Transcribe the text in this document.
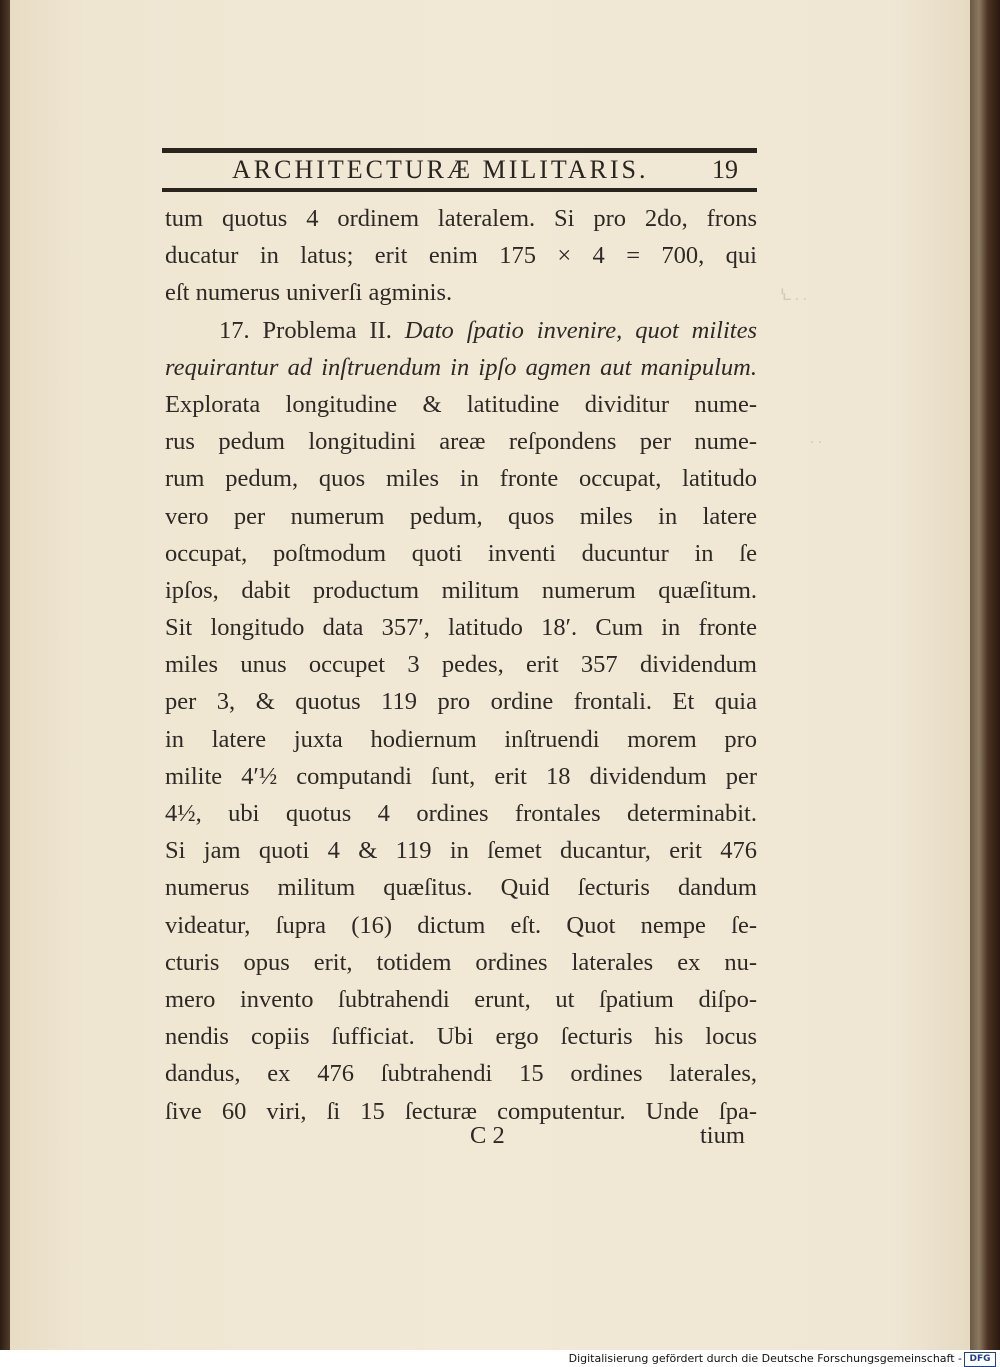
ARCHITECTURÆ MILITARIS.	19
Ꝇ . .
. .
tum quotus 4 ordinem lateralem. Si pro 2do, frons
ducatur in latus; erit enim 175 × 4 = 700, qui
eſt numerus univerſi agminis.
17. Problema II. Dato ſpatio invenire, quot milites
requirantur ad inſtruendum in ipſo agmen aut manipulum.
Explorata longitudine & latitudine dividitur nume-
rus pedum longitudini areæ reſpondens per nume-
rum pedum, quos miles in fronte occupat, latitudo
vero per numerum pedum, quos miles in latere
occupat, poſtmodum quoti inventi ducuntur in ſe
ipſos, dabit productum militum numerum quæſitum.
Sit longitudo data 357′, latitudo 18′. Cum in fronte
miles unus occupet 3 pedes, erit 357 dividendum
per 3, & quotus 119 pro ordine frontali. Et quia
in latere juxta hodiernum inſtruendi morem pro
milite 4′½ computandi ſunt, erit 18 dividendum per
4½, ubi quotus 4 ordines frontales determinabit.
Si jam quoti 4 & 119 in ſemet ducantur, erit 476
numerus militum quæſitus. Quid ſecturis dandum
videatur, ſupra (16) dictum eſt. Quot nempe ſe-
cturis opus erit, totidem ordines laterales ex nu-
mero invento ſubtrahendi erunt, ut ſpatium diſpo-
nendis copiis ſufficiat. Ubi ergo ſecturis his locus
dandus, ex 476 ſubtrahendi 15 ordines laterales,
ſive 60 viri, ſi 15 ſecturæ computentur. Unde ſpa-
C 2	tium
Digitalisierung gefördert durch die Deutsche Forschungsgemeinschaft - DFG
